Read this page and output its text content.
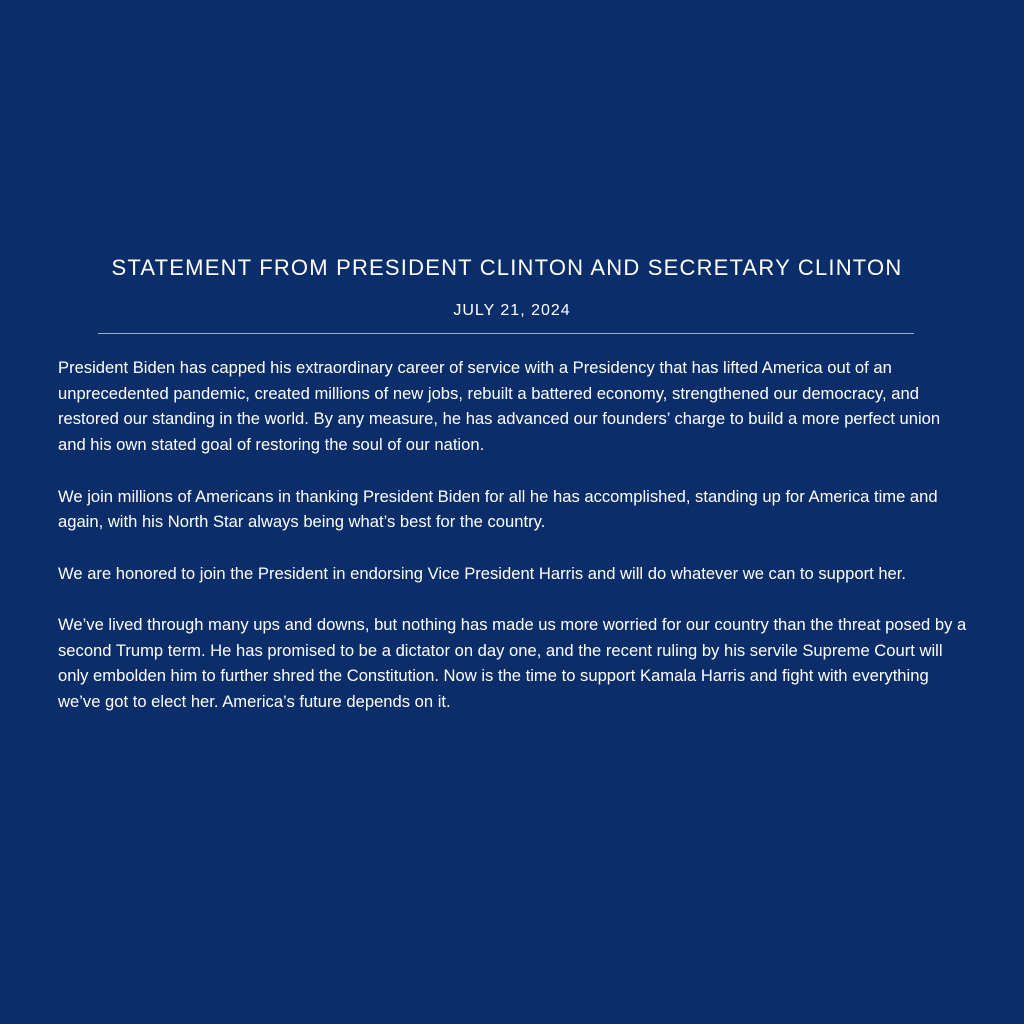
STATEMENT FROM PRESIDENT CLINTON AND SECRETARY CLINTON
JULY 21, 2024

President Biden has capped his extraordinary career of service with a Presidency that has lifted America out of an unprecedented pandemic, created millions of new jobs, rebuilt a battered economy, strengthened our democracy, and restored our standing in the world. By any measure, he has advanced our founders’ charge to build a more perfect union and his own stated goal of restoring the soul of our nation.

We join millions of Americans in thanking President Biden for all he has accomplished, standing up for America time and again, with his North Star always being what’s best for the country.

We are honored to join the President in endorsing Vice President Harris and will do whatever we can to support her.

We’ve lived through many ups and downs, but nothing has made us more worried for our country than the threat posed by a second Trump term. He has promised to be a dictator on day one, and the recent ruling by his servile Supreme Court will only embolden him to further shred the Constitution. Now is the time to support Kamala Harris and fight with everything we’ve got to elect her. America’s future depends on it.
